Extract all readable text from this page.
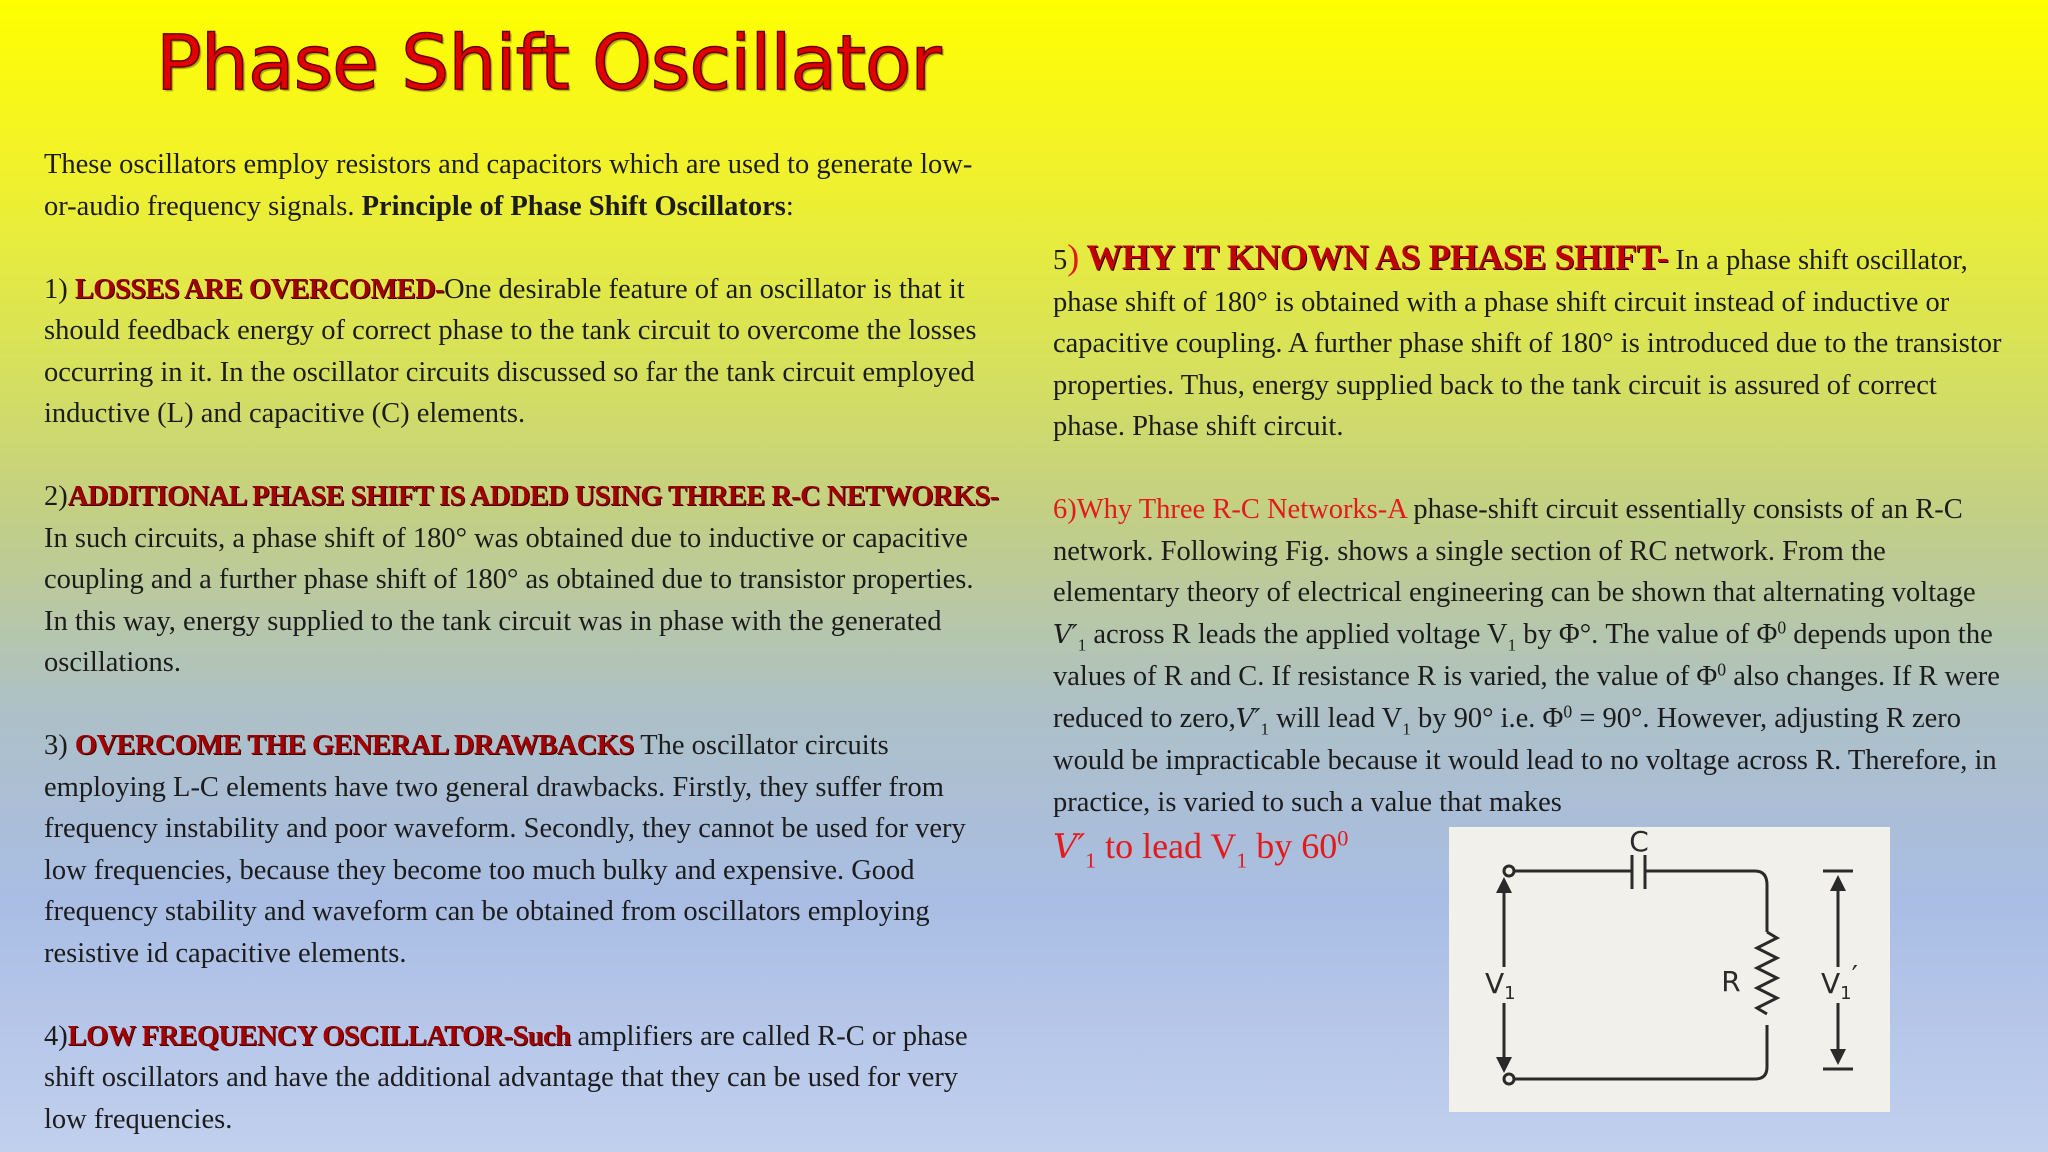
Phase Shift Oscillator

These oscillators employ resistors and capacitors which are used to generate low-or-audio frequency signals. Principle of Phase Shift Oscillators:

1) LOSSES ARE OVERCOMED-One desirable feature of an oscillator is that it should feedback energy of correct phase to the tank circuit to overcome the losses occurring in it. In the oscillator circuits discussed so far the tank circuit employed inductive (L) and capacitive (C) elements.

2)ADDITIONAL PHASE SHIFT IS ADDED USING THREE R-C NETWORKS- In such circuits, a phase shift of 180° was obtained due to inductive or capacitive coupling and a further phase shift of 180° as obtained due to transistor properties. In this way, energy supplied to the tank circuit was in phase with the generated oscillations.

3) OVERCOME THE GENERAL DRAWBACKS The oscillator circuits employing L-C elements have two general drawbacks. Firstly, they suffer from frequency instability and poor waveform. Secondly, they cannot be used for very low frequencies, because they become too much bulky and expensive. Good frequency stability and waveform can be obtained from oscillators employing resistive id capacitive elements.

4)LOW FREQUENCY OSCILLATOR-Such amplifiers are called R-C or phase shift oscillators and have the additional advantage that they can be used for very low frequencies.

5) WHY IT KNOWN AS PHASE SHIFT- In a phase shift oscillator, phase shift of 180° is obtained with a phase shift circuit instead of inductive or capacitive coupling. A further phase shift of 180° is introduced due to the transistor properties. Thus, energy supplied back to the tank circuit is assured of correct phase. Phase shift circuit.

6)Why Three R-C Networks-A phase-shift circuit essentially consists of an R-C network. Following Fig. shows a single section of RC network. From the elementary theory of electrical engineering can be shown that alternating voltage $V'_1$ across R leads the applied voltage $V_1$ by Φ°. The value of $\Phi^0$ depends upon the values of R and C. If resistance R is varied, the value of $\Phi^0$ also changes. If R were reduced to $zero,V'_1$ will lead $V_1$ by 90° i.e. $\Phi^0 = 90^\circ$. However, adjusting R zero would be impracticable because it would lead to no voltage across R. Therefore, in practice, is varied to such a value that makes

$V'_1$ to lead $V_1$ by $60^0$	C
R
$V_1$	$V_1'$
